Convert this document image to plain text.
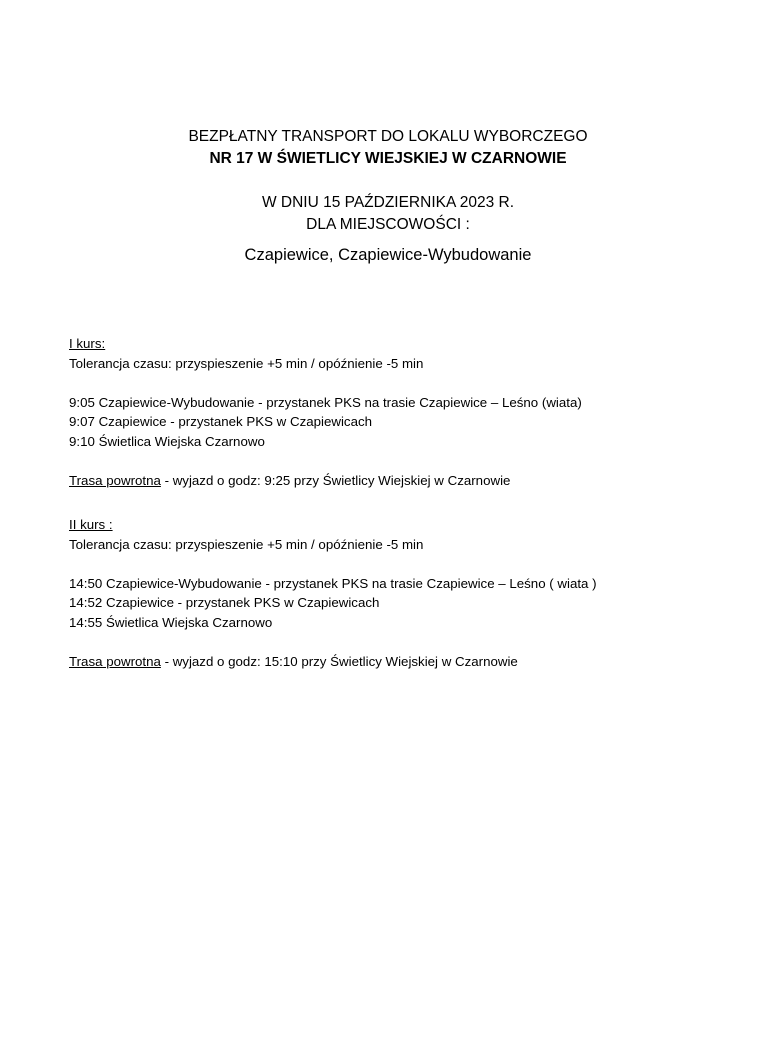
BEZPŁATNY TRANSPORT DO LOKALU WYBORCZEGO
NR 17 W ŚWIETLICY WIEJSKIEJ W CZARNOWIE
W DNIU 15 PAŹDZIERNIKA 2023 R.
DLA MIEJSCOWOŚCI :
Czapiewice, Czapiewice-Wybudowanie
I kurs:
Tolerancja czasu: przyspieszenie +5 min / opóźnienie -5 min
9:05 Czapiewice-Wybudowanie - przystanek PKS na trasie Czapiewice – Leśno (wiata)
9:07 Czapiewice - przystanek PKS w Czapiewicach
9:10 Świetlica Wiejska Czarnowo
Trasa powrotna - wyjazd o godz: 9:25 przy Świetlicy Wiejskiej w Czarnowie
II kurs :
Tolerancja czasu: przyspieszenie +5 min / opóźnienie -5 min
14:50 Czapiewice-Wybudowanie - przystanek PKS na trasie Czapiewice – Leśno ( wiata )
14:52 Czapiewice - przystanek PKS w Czapiewicach
14:55 Świetlica Wiejska Czarnowo
Trasa powrotna - wyjazd o godz: 15:10 przy Świetlicy Wiejskiej w Czarnowie
